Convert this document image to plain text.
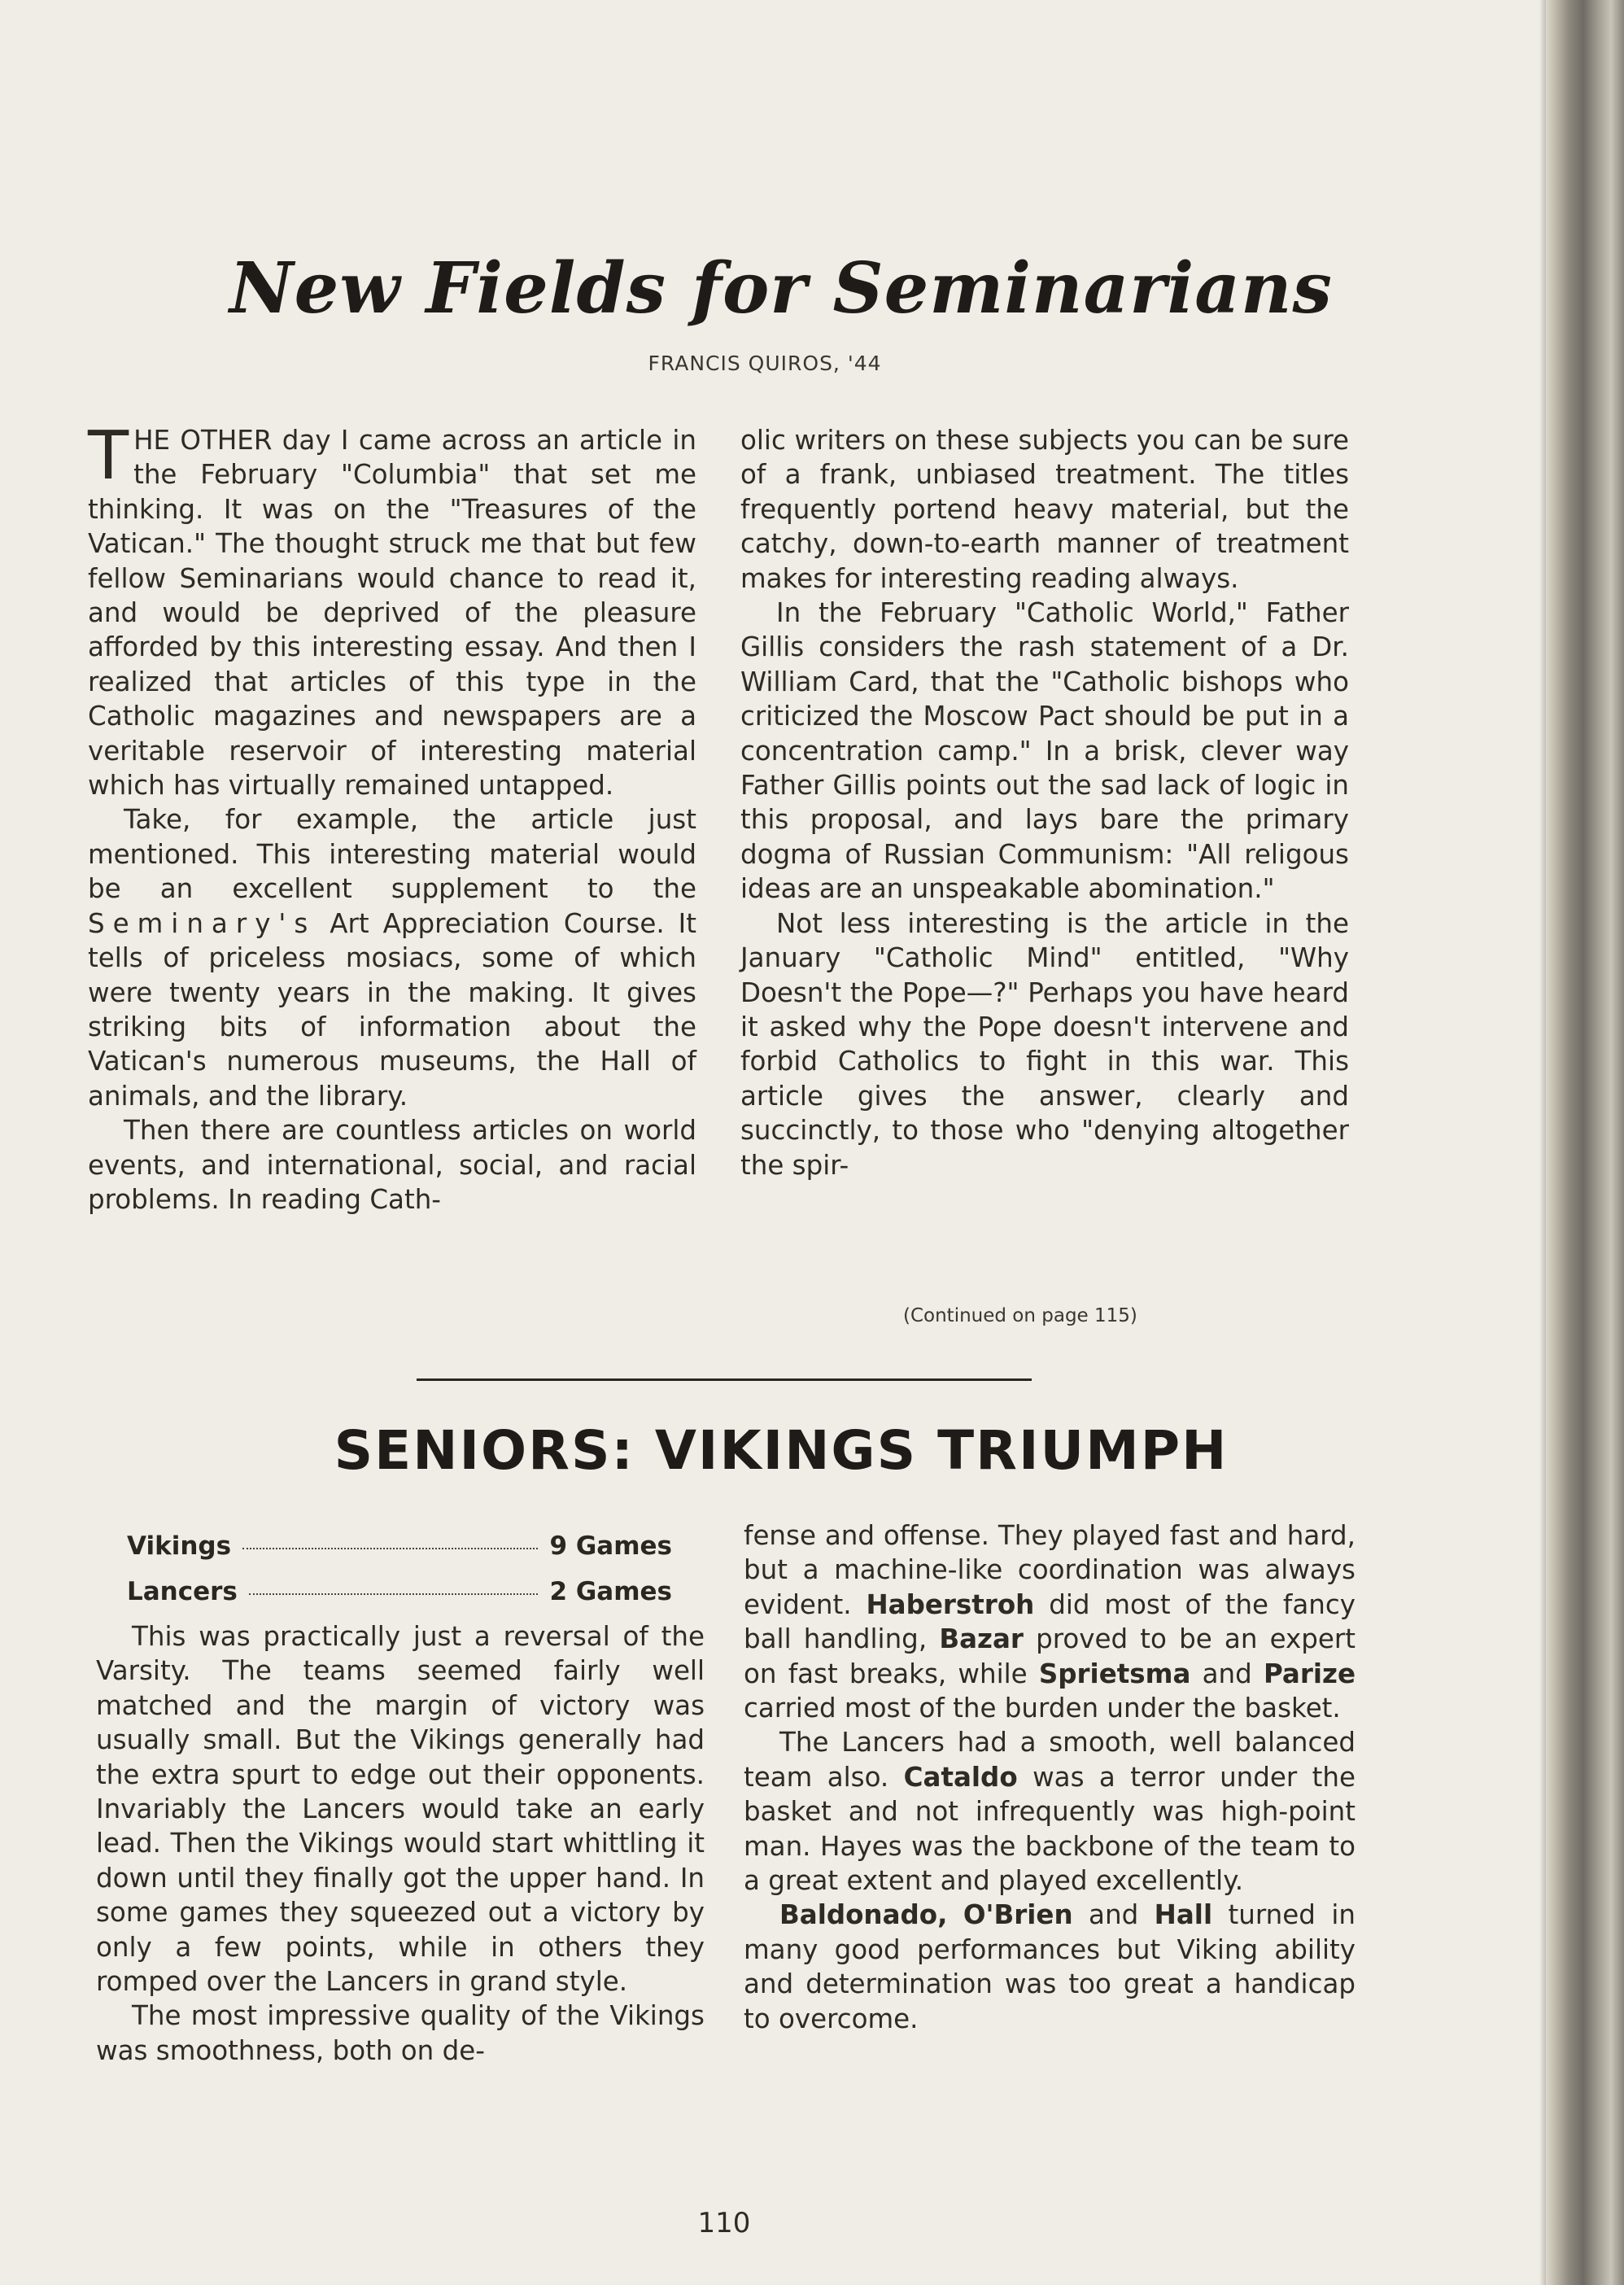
New Fields for Seminarians
FRANCIS QUIROS, '44

THE OTHER day I came across an article in the February "Columbia" that set me thinking. It was on the "Treasures of the Vatican." The thought struck me that but few fellow Seminarians would chance to read it, and would be deprived of the pleasure afforded by this interesting essay. And then I realized that articles of this type in the Catholic magazines and newspapers are a veritable reservoir of interesting material which has virtually remained untapped.

Take, for example, the article just mentioned. This interesting material would be an excellent supplement to the Seminary's Art Appreciation Course. It tells of priceless mosiacs, some of which were twenty years in the making. It gives striking bits of information about the Vatican's numerous museums, the Hall of animals, and the library.

Then there are countless articles on world events, and international, social, and racial problems. In reading Cath-

olic writers on these subjects you can be sure of a frank, unbiased treatment. The titles frequently portend heavy material, but the catchy, down-to-earth manner of treatment makes for interesting reading always.

In the February "Catholic World," Father Gillis considers the rash statement of a Dr. William Card, that the "Catholic bishops who criticized the Moscow Pact should be put in a concentration camp." In a brisk, clever way Father Gillis points out the sad lack of logic in this proposal, and lays bare the primary dogma of Russian Communism: "All religous ideas are an unspeakable abomination."

Not less interesting is the article in the January "Catholic Mind" entitled, "Why Doesn't the Pope—?" Perhaps you have heard it asked why the Pope doesn't intervene and forbid Catholics to fight in this war. This article gives the answer, clearly and succinctly, to those who "denying altogether the spir-

(Continued on page 115)
SENIORS: VIKINGS TRIUMPH
Vikings	9 Games
Lancers	2 Games

This was practically just a reversal of the Varsity. The teams seemed fairly well matched and the margin of victory was usually small. But the Vikings generally had the extra spurt to edge out their opponents. Invariably the Lancers would take an early lead. Then the Vikings would start whittling it down until they finally got the upper hand. In some games they squeezed out a victory by only a few points, while in others they romped over the Lancers in grand style.

The most impressive quality of the Vikings was smoothness, both on de-

fense and offense. They played fast and hard, but a machine-like coordination was always evident. Haberstroh did most of the fancy ball handling, Bazar proved to be an expert on fast breaks, while Sprietsma and Parize carried most of the burden under the basket.

The Lancers had a smooth, well balanced team also. Cataldo was a terror under the basket and not infrequently was high-point man. Hayes was the backbone of the team to a great extent and played excellently.

Baldonado, O'Brien and Hall turned in many good performances but Viking ability and determination was too great a handicap to overcome.

110
